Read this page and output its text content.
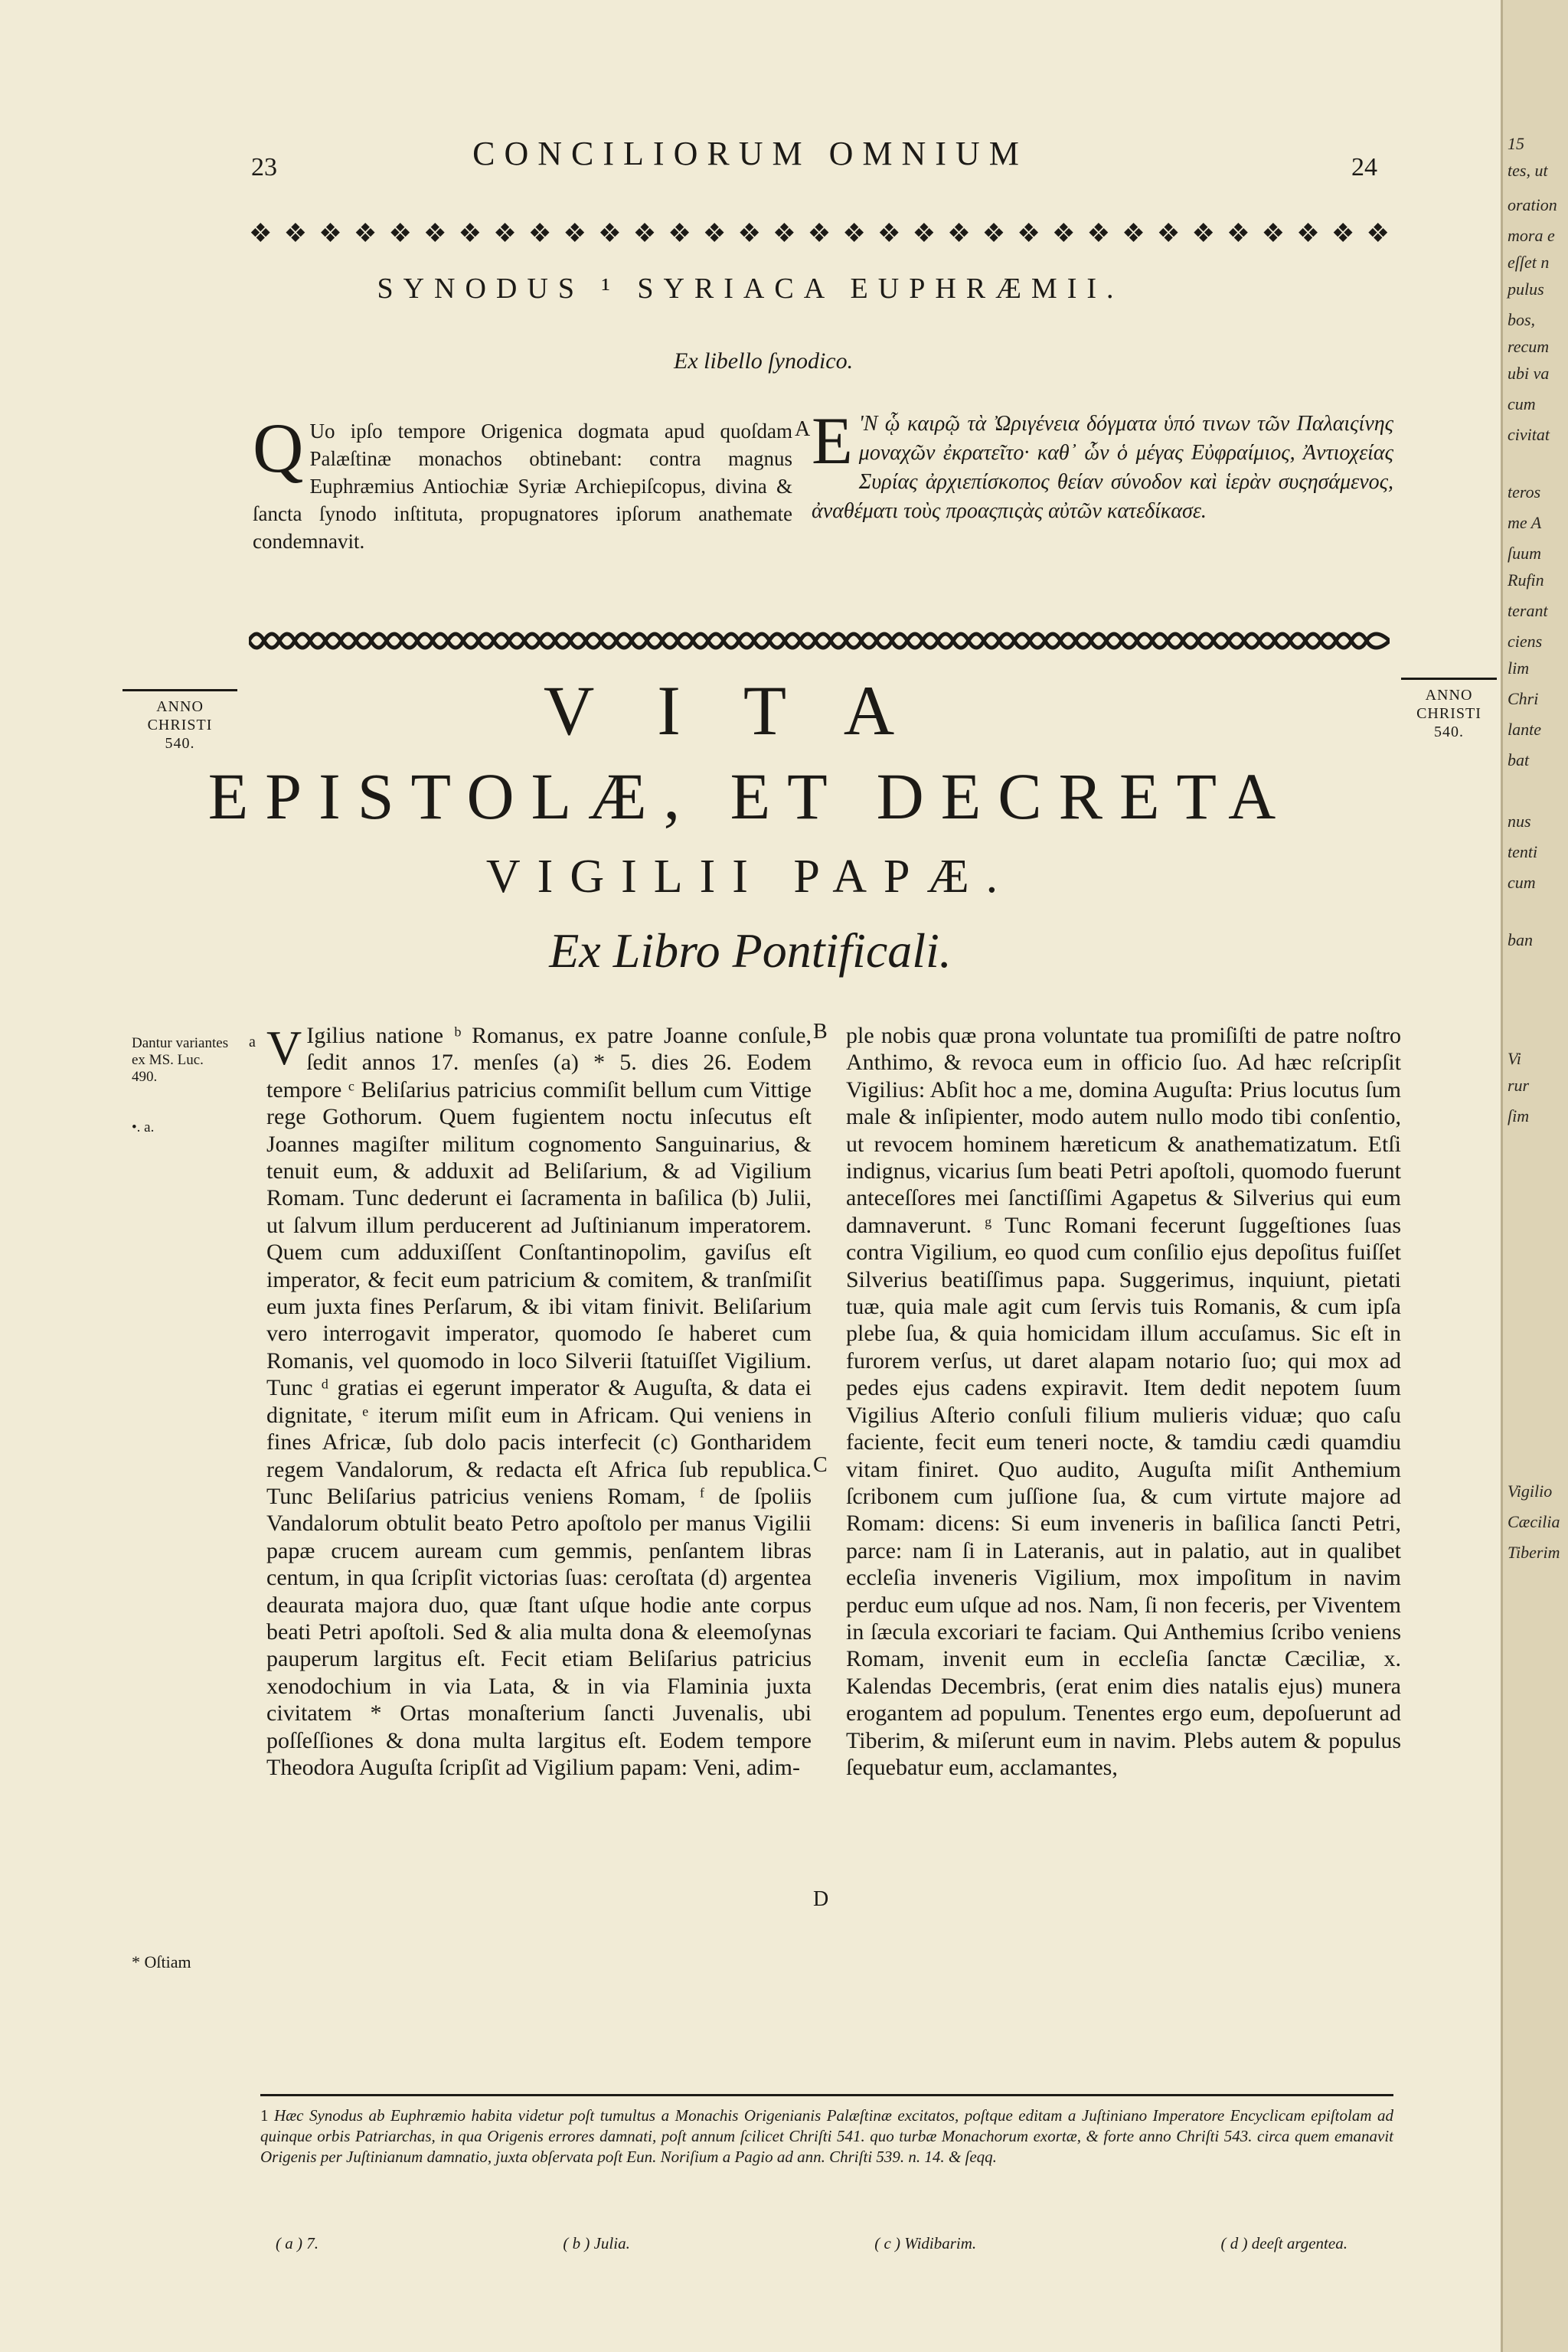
23	24
CONCILIORUM OMNIUM
❖ ❖ ❖ ❖ ❖ ❖ ❖ ❖ ❖ ❖ ❖ ❖ ❖ ❖ ❖ ❖ ❖ ❖ ❖ ❖ ❖ ❖ ❖ ❖ ❖ ❖ ❖ ❖ ❖ ❖ ❖ ❖ ❖
SYNODUS ¹ SYRIACA EUPHRÆMII.
Ex libello ſynodico.
Q Uo ipſo tempore Origenica dogmata apud quoſdam Palæſtinæ monachos obtinebant: contra magnus Euphræmius Antiochiæ Syriæ Archiepiſcopus, divina & ſancta ſynodo inſtituta, propugnatores ipſorum anathemate condemnavit.
A E 'N ᾧ καιρῷ τὰ Ὠριγένεια δόγματα ὑπό τινων τῶν Παλαιςίνης μοναχῶν ἐκρατεῖτο· καθ᾽ ὧν ὁ μέγας Εὐφραίμιος, Ἀντιοχείας Συρίας ἀρχιεπίσκοπος θείαν σύνοδον καὶ ἱερὰν συςησάμενος, ἀναθέματι τοὺς προαςπιςὰς αὐτῶν κατεδίκασε.
ANNO
CHRISTI
540.
ANNO
CHRISTI
540.
VITA
EPISTOLÆ, ET DECRETA
VIGILII PAPÆ.
Ex Libro Pontificali.
Dantur variantes ex MS. Luc. 490.
•. a.
* Oſtiam
a V Igilius natione ᵇ Romanus, ex patre Joanne conſule, ſedit annos 17. menſes (a) * 5. dies 26. Eodem tempore ᶜ Beliſarius patricius commiſit bellum cum Vittige rege Gothorum. Quem fugientem noctu inſecutus eſt Joannes magiſter militum cognomento Sanguinarius, & tenuit eum, & adduxit ad Beliſarium, & ad Vigilium Romam. Tunc dederunt ei ſacramenta in baſilica (b) Julii, ut ſalvum illum perducerent ad Juſtinianum imperatorem. Quem cum adduxiſſent Conſtantinopolim, gaviſus eſt imperator, & fecit eum patricium & comitem, & tranſmiſit eum juxta fines Perſarum, & ibi vitam finivit. Beliſarium vero interrogavit imperator, quomodo ſe haberet cum Romanis, vel quomodo in loco Silverii ſtatuiſſet Vigilium. Tunc ᵈ gratias ei egerunt imperator & Auguſta, & data ei dignitate, ᵉ iterum miſit eum in Africam. Qui veniens in fines Africæ, ſub dolo pacis interfecit (c) Gontharidem regem Vandalorum, & redacta eſt Africa ſub republica. Tunc Beliſarius patricius veniens Romam, ᶠ de ſpoliis Vandalorum obtulit beato Petro apoſtolo per manus Vigilii papæ crucem auream cum gemmis, penſantem libras centum, in qua ſcripſit victorias ſuas: ceroſtata (d) argentea deaurata majora duo, quæ ſtant uſque hodie ante corpus beati Petri apoſtoli. Sed & alia multa dona & eleemoſynas pauperum largitus eſt. Fecit etiam Beliſarius patricius xenodochium in via Lata, & in via Flaminia juxta civitatem * Ortas monaſterium ſancti Juvenalis, ubi poſſeſſiones & dona multa largitus eſt. Eodem tempore Theodora Auguſta ſcripſit ad Vigilium papam: Veni, adim-
B
C
D
ple nobis quæ prona voluntate tua promiſiſti de patre noſtro Anthimo, & revoca eum in officio ſuo. Ad hæc reſcripſit Vigilius: Abſit hoc a me, domina Auguſta: Prius locutus ſum male & inſipienter, modo autem nullo modo tibi conſentio, ut revocem hominem hæreticum & anathematizatum. Etſi indignus, vicarius ſum beati Petri apoſtoli, quomodo fuerunt anteceſſores mei ſanctiſſimi Agapetus & Silverius qui eum damnaverunt. ᵍ Tunc Romani fecerunt ſuggeſtiones ſuas contra Vigilium, eo quod cum conſilio ejus depoſitus fuiſſet Silverius beatiſſimus papa. Suggerimus, inquiunt, pietati tuæ, quia male agit cum ſervis tuis Romanis, & cum ipſa plebe ſua, & quia homicidam illum accuſamus. Sic eſt in furorem verſus, ut daret alapam notario ſuo; qui mox ad pedes ejus cadens expiravit. Item dedit nepotem ſuum Vigilius Aſterio conſuli filium mulieris viduæ; quo caſu faciente, fecit eum teneri nocte, & tamdiu cædi quamdiu vitam finiret. Quo audito, Auguſta miſit Anthemium ſcribonem cum juſſione ſua, & cum virtute majore ad Romam: dicens: Si eum inveneris in baſilica ſancti Petri, parce: nam ſi in Lateranis, aut in palatio, aut in qualibet eccleſia inveneris Vigilium, mox impoſitum in navim perduc eum uſque ad nos. Nam, ſi non feceris, per Viventem in ſæcula excoriari te faciam. Qui Anthemius ſcribo veniens Romam, invenit eum in eccleſia ſanctæ Cæciliæ, x. Kalendas Decembris, (erat enim dies natalis ejus) munera erogantem ad populum. Tenentes ergo eum, depoſuerunt ad Tiberim, & miſerunt eum in navim. Plebs autem & populus ſequebatur eum, acclamantes,
1 Hæc Synodus ab Euphræmio habita videtur poſt tumultus a Monachis Origenianis Palæſtinæ excitatos, poſtque editam a Juſtiniano Imperatore Encyclicam epiſtolam ad quinque orbis Patriarchas, in qua Origenis errores damnati, poſt annum ſcilicet Chriſti 541. quo turbæ Monachorum exortæ, & forte anno Chriſti 543. circa quem emanavit Origenis per Juſtinianum damnatio, juxta obſervata poſt Eun. Noriſium a Pagio ad ann. Chriſti 539. n. 14. & ſeqq.
( a ) 7.	( b ) Julia.	( c ) Widibarim.	( d ) deeſt argentea.
15
tes, ut
oration
mora e
eſſet n
pulus
bos,
recum
ubi va
cum
civitat
teros
me A
ſuum
Rufin
terant
ciens
lim
Chri
lante
bat
nus
tenti
cum
ban
Vi
rur
ſim
Vigilio
Cæcilia
Tiberim
